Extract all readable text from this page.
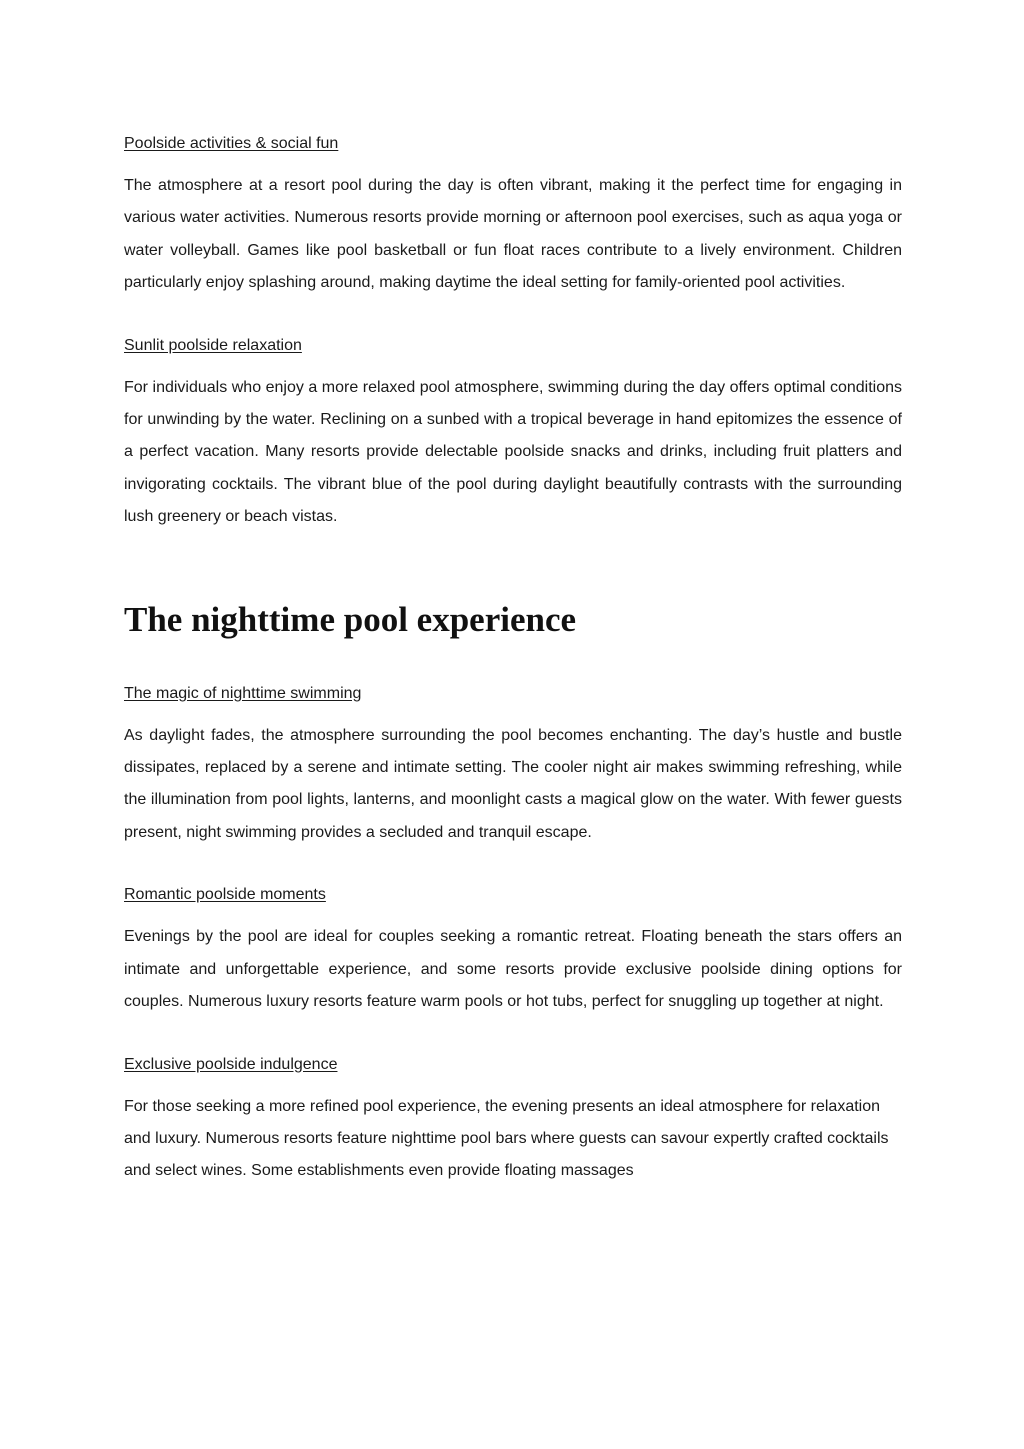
Poolside activities & social fun

The atmosphere at a resort pool during the day is often vibrant, making it the perfect time for engaging in various water activities. Numerous resorts provide morning or afternoon pool exercises, such as aqua yoga or water volleyball. Games like pool basketball or fun float races contribute to a lively environment. Children particularly enjoy splashing around, making daytime the ideal setting for family-oriented pool activities.

Sunlit poolside relaxation

For individuals who enjoy a more relaxed pool atmosphere, swimming during the day offers optimal conditions for unwinding by the water. Reclining on a sunbed with a tropical beverage in hand epitomizes the essence of a perfect vacation. Many resorts provide delectable poolside snacks and drinks, including fruit platters and invigorating cocktails. The vibrant blue of the pool during daylight beautifully contrasts with the surrounding lush greenery or beach vistas.

The nighttime pool experience
The magic of nighttime swimming

As daylight fades, the atmosphere surrounding the pool becomes enchanting. The day’s hustle and bustle dissipates, replaced by a serene and intimate setting. The cooler night air makes swimming refreshing, while the illumination from pool lights, lanterns, and moonlight casts a magical glow on the water. With fewer guests present, night swimming provides a secluded and tranquil escape.

Romantic poolside moments

Evenings by the pool are ideal for couples seeking a romantic retreat. Floating beneath the stars offers an intimate and unforgettable experience, and some resorts provide exclusive poolside dining options for couples. Numerous luxury resorts feature warm pools or hot tubs, perfect for snuggling up together at night.

Exclusive poolside indulgence

For those seeking a more refined pool experience, the evening presents an ideal atmosphere for relaxation and luxury. Numerous resorts feature nighttime pool bars where guests can savour expertly crafted cocktails and select wines. Some establishments even provide floating massages
